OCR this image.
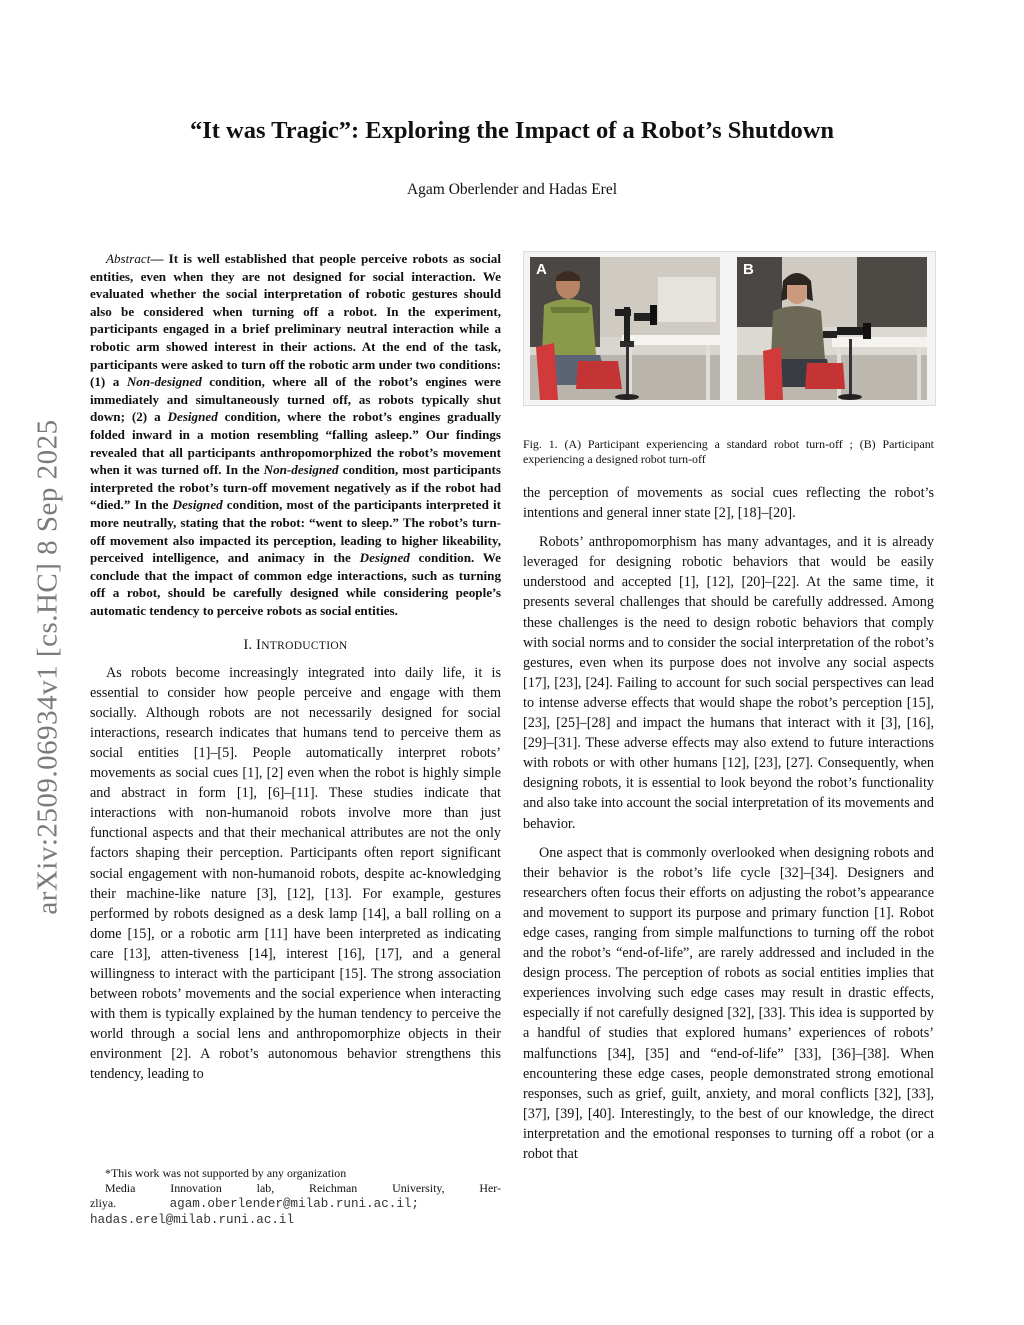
arXiv:2509.06934v1 [cs.HC] 8 Sep 2025
“It was Tragic”: Exploring the Impact of a Robot’s Shutdown

Agam Oberlender and Hadas Erel

Abstract— It is well established that people perceive robots as social entities, even when they are not designed for social interaction. We evaluated whether the social interpretation of robotic gestures should also be considered when turning off a robot. In the experiment, participants engaged in a brief preliminary neutral interaction while a robotic arm showed interest in their actions. At the end of the task, participants were asked to turn off the robotic arm under two conditions: (1) a Non-designed condition, where all of the robot’s engines were immediately and simultaneously turned off, as robots typically shut down; (2) a Designed condition, where the robot’s engines gradually folded inward in a motion resembling “falling asleep.” Our findings revealed that all participants anthropomorphized the robot’s movement when it was turned off. In the Non-designed condition, most participants interpreted the robot’s turn-off movement negatively as if the robot had “died.” In the Designed condition, most of the participants interpreted it more neutrally, stating that the robot: “went to sleep.” The robot’s turn-off movement also impacted its perception, leading to higher likeability, perceived intelligence, and animacy in the Designed condition. We conclude that the impact of common edge interactions, such as turning off a robot, should be carefully designed while considering people’s automatic tendency to perceive robots as social entities.

I. INTRODUCTION

As robots become increasingly integrated into daily life, it is essential to consider how people perceive and engage with them socially. Although robots are not necessarily designed for social interactions, research indicates that humans tend to perceive them as social entities [1]–[5]. People automatically interpret robots’ movements as social cues [1], [2] even when the robot is highly simple and abstract in form [1], [6]–[11]. These studies indicate that interactions with non-humanoid robots involve more than just functional aspects and that their mechanical attributes are not the only factors shaping their perception. Participants often report significant social engagement with non-humanoid robots, despite ac-knowledging their machine-like nature [3], [12], [13]. For example, gestures performed by robots designed as a desk lamp [14], a ball rolling on a dome [15], or a robotic arm [11] have been interpreted as indicating care [13], atten-tiveness [14], interest [16], [17], and a general willingness to interact with the participant [15]. The strong association between robots’ movements and the social experience when interacting with them is typically explained by the human tendency to perceive the world through a social lens and anthropomorphize objects in their environment [2]. A robot’s autonomous behavior strengthens this tendency, leading to

*This work was not supported by any organization

Media	Innovation	lab,	Reichman	University,	Her-

zliya.	agam.oberlender@milab.runi.ac.il;

hadas.erel@milab.runi.ac.il

A	B

Fig. 1. (A) Participant experiencing a standard robot turn-off ; (B) Participant experiencing a designed robot turn-off

the perception of movements as social cues reflecting the robot’s intentions and general inner state [2], [18]–[20].

Robots’ anthropomorphism has many advantages, and it is already leveraged for designing robotic behaviors that would be easily understood and accepted [1], [12], [20]–[22]. At the same time, it presents several challenges that should be carefully addressed. Among these challenges is the need to design robotic behaviors that comply with social norms and to consider the social interpretation of the robot’s gestures, even when its purpose does not involve any social aspects [17], [23], [24]. Failing to account for such social perspectives can lead to intense adverse effects that would shape the robot’s perception [15], [23], [25]–[28] and impact the humans that interact with it [3], [16], [29]–[31]. These adverse effects may also extend to future interactions with robots or with other humans [12], [23], [27]. Consequently, when designing robots, it is essential to look beyond the robot’s functionality and also take into account the social interpretation of its movements and behavior.

One aspect that is commonly overlooked when designing robots and their behavior is the robot’s life cycle [32]–[34]. Designers and researchers often focus their efforts on adjusting the robot’s appearance and movement to support its purpose and primary function [1]. Robot edge cases, ranging from simple malfunctions to turning off the robot and the robot’s “end-of-life”, are rarely addressed and included in the design process. The perception of robots as social entities implies that experiences involving such edge cases may result in drastic effects, especially if not carefully designed [32], [33]. This idea is supported by a handful of studies that explored humans’ experiences of robots’ malfunctions [34], [35] and “end-of-life” [33], [36]–[38]. When encountering these edge cases, people demonstrated strong emotional responses, such as grief, guilt, anxiety, and moral conflicts [32], [33], [37], [39], [40]. Interestingly, to the best of our knowledge, the direct interpretation and the emotional responses to turning off a robot (or a robot that
